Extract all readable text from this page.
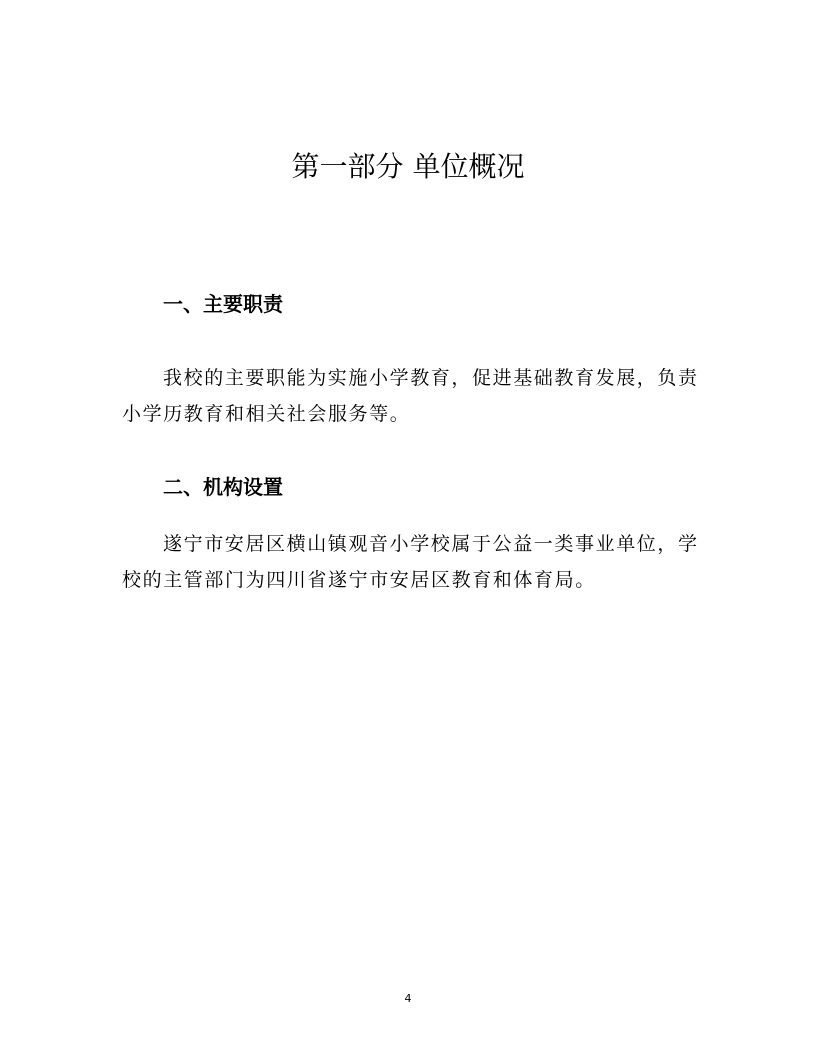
第一部分 单位概况
一、主要职责

我校的主要职能为实施小学教育，促进基础教育发展，负责小学历教育和相关社会服务等。

二、机构设置

遂宁市安居区横山镇观音小学校属于公益一类事业单位，学校的主管部门为四川省遂宁市安居区教育和体育局。

4
